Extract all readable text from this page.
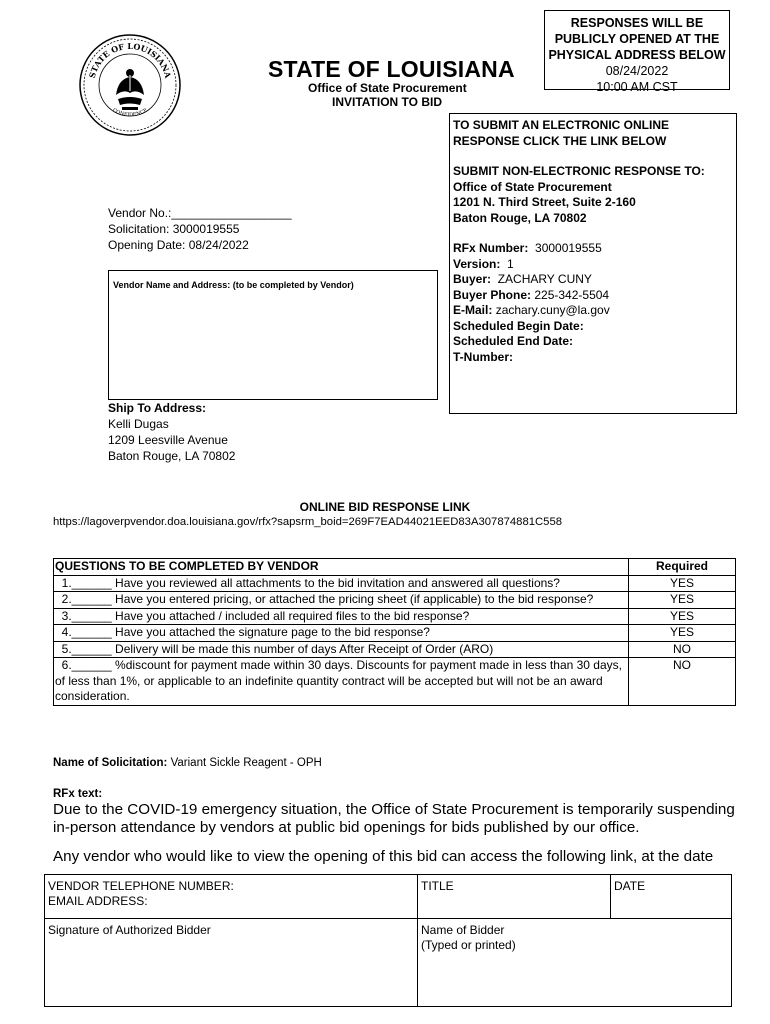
STATE OF LOUISIANA
CONFIDENCE
STATE OF LOUISIANA
Office of State Procurement
INVITATION TO BID
RESPONSES WILL BE
PUBLICLY OPENED AT THE
PHYSICAL ADDRESS BELOW
08/24/2022
10:00 AM CST
TO SUBMIT AN ELECTRONIC ONLINE
RESPONSE CLICK THE LINK BELOW
SUBMIT NON-ELECTRONIC RESPONSE TO:
Office of State Procurement
1201 N. Third Street, Suite 2-160
Baton Rouge, LA 70802
RFx Number: 3000019555
Version: 1
Buyer: ZACHARY CUNY
Buyer Phone: 225-342-5504
E-Mail: zachary.cuny@la.gov
Scheduled Begin Date:
Scheduled End Date:
T-Number:
Vendor No.:__________________
Solicitation: 3000019555
Opening Date: 08/24/2022
Vendor Name and Address: (to be completed by Vendor)
Ship To Address:
Kelli Dugas
1209 Leesville Avenue
Baton Rouge, LA 70802
ONLINE BID RESPONSE LINK
https://lagoverpvendor.doa.louisiana.gov/rfx?sapsrm_boid=269F7EAD44021EED83A307874881C558
QUESTIONS TO BE COMPLETED BY VENDOR	Required
1.______ Have you reviewed all attachments to the bid invitation and answered all questions?	YES
2.______ Have you entered pricing, or attached the pricing sheet (if applicable) to the bid response?	YES
3.______ Have you attached / included all required files to the bid response?	YES
4.______ Have you attached the signature page to the bid response?	YES
5.______ Delivery will be made this number of days After Receipt of Order (ARO)	NO
6.______ %discount for payment made within 30 days. Discounts for payment made in less than 30 days, of less than 1%, or applicable to an indefinite quantity contract will be accepted but will not be an award consideration.	NO
Name of Solicitation: Variant Sickle Reagent - OPH
RFx text:
Due to the COVID-19 emergency situation, the Office of State Procurement is temporarily suspending in-person attendance by vendors at public bid openings for bids published by our office.
Any vendor who would like to view the opening of this bid can access the following link, at the date
VENDOR TELEPHONE NUMBER:
EMAIL ADDRESS:	TITLE	DATE

Signature of Authorized Bidder	Name of Bidder
(Typed or printed)	
